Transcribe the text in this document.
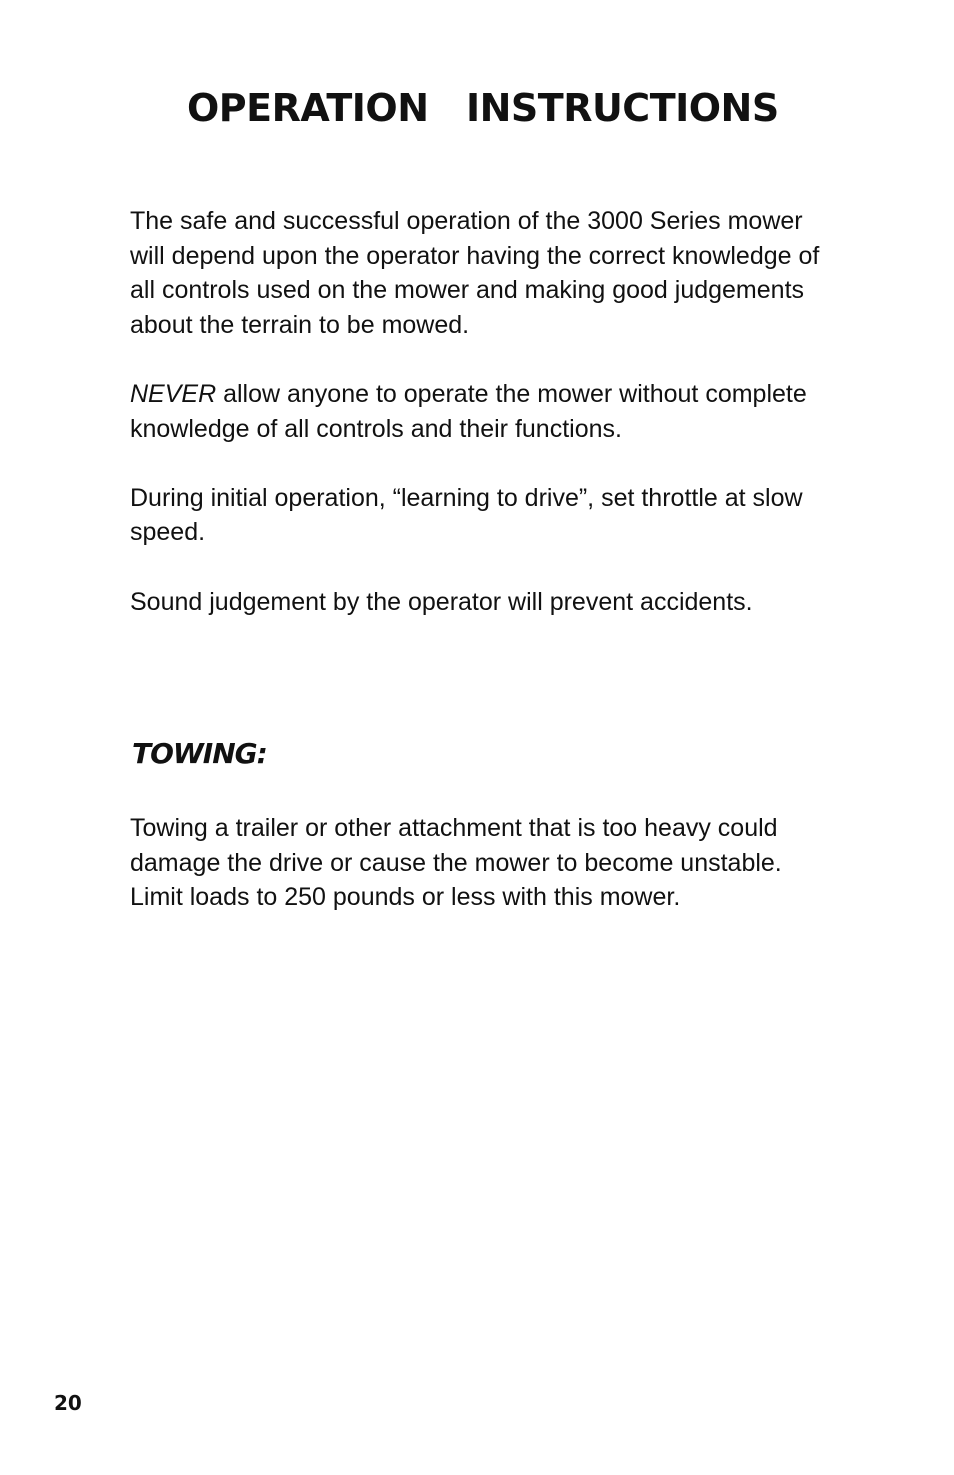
OPERATION  INSTRUCTIONS

The safe and successful operation of the 3000 Series mower will depend upon the operator having the correct knowledge of all controls used on the mower and making good judgements about the terrain to be mowed.

NEVER allow anyone to operate the mower without complete knowledge of all controls and their functions.

During initial operation, “learning to drive”, set throttle at slow speed.

Sound judgement by the operator will prevent accidents.

TOWING:

Towing a trailer or other attachment that is too heavy could damage the drive or cause the mower to become unstable.  Limit loads to 250 pounds or less with this mower.

20
